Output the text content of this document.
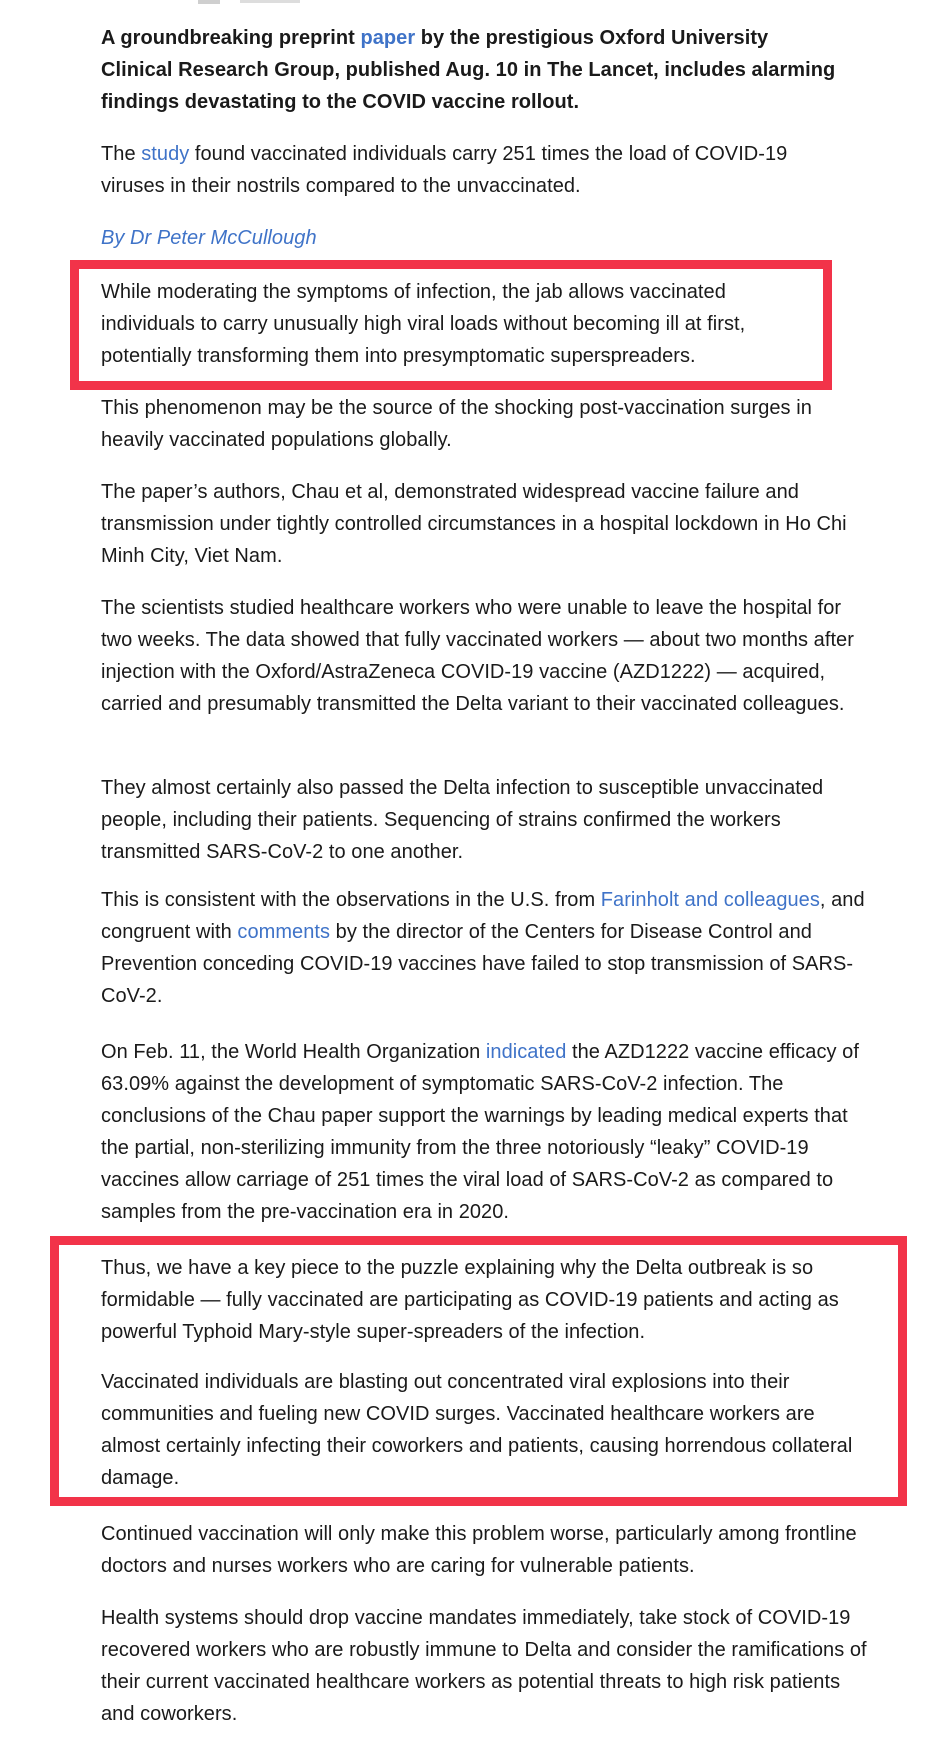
A groundbreaking preprint paper by the prestigious Oxford University Clinical Research Group, published Aug. 10 in The Lancet, includes alarming findings devastating to the COVID vaccine rollout.

The study found vaccinated individuals carry 251 times the load of COVID-19 viruses in their nostrils compared to the unvaccinated.

By Dr Peter McCullough

While moderating the symptoms of infection, the jab allows vaccinated individuals to carry unusually high viral loads without becoming ill at first, potentially transforming them into presymptomatic superspreaders.

This phenomenon may be the source of the shocking post-vaccination surges in heavily vaccinated populations globally.

The paper’s authors, Chau et al, demonstrated widespread vaccine failure and transmission under tightly controlled circumstances in a hospital lockdown in Ho Chi Minh City, Viet Nam.

The scientists studied healthcare workers who were unable to leave the hospital for two weeks. The data showed that fully vaccinated workers — about two months after injection with the Oxford/AstraZeneca COVID-19 vaccine (AZD1222) — acquired, carried and presumably transmitted the Delta variant to their vaccinated colleagues.

They almost certainly also passed the Delta infection to susceptible unvaccinated people, including their patients. Sequencing of strains confirmed the workers transmitted SARS-CoV-2 to one another.

This is consistent with the observations in the U.S. from Farinholt and colleagues, and congruent with comments by the director of the Centers for Disease Control and Prevention conceding COVID-19 vaccines have failed to stop transmission of SARS-CoV-2.

On Feb. 11, the World Health Organization indicated the AZD1222 vaccine efficacy of 63.09% against the development of symptomatic SARS-CoV-2 infection. The conclusions of the Chau paper support the warnings by leading medical experts that the partial, non-sterilizing immunity from the three notoriously “leaky” COVID-19 vaccines allow carriage of 251 times the viral load of SARS-CoV-2 as compared to samples from the pre-vaccination era in 2020.

Thus, we have a key piece to the puzzle explaining why the Delta outbreak is so formidable — fully vaccinated are participating as COVID-19 patients and acting as powerful Typhoid Mary-style super-spreaders of the infection.

Vaccinated individuals are blasting out concentrated viral explosions into their communities and fueling new COVID surges. Vaccinated healthcare workers are almost certainly infecting their coworkers and patients, causing horrendous collateral damage.

Continued vaccination will only make this problem worse, particularly among frontline doctors and nurses workers who are caring for vulnerable patients.

Health systems should drop vaccine mandates immediately, take stock of COVID-19 recovered workers who are robustly immune to Delta and consider the ramifications of their current vaccinated healthcare workers as potential threats to high risk patients and coworkers.
